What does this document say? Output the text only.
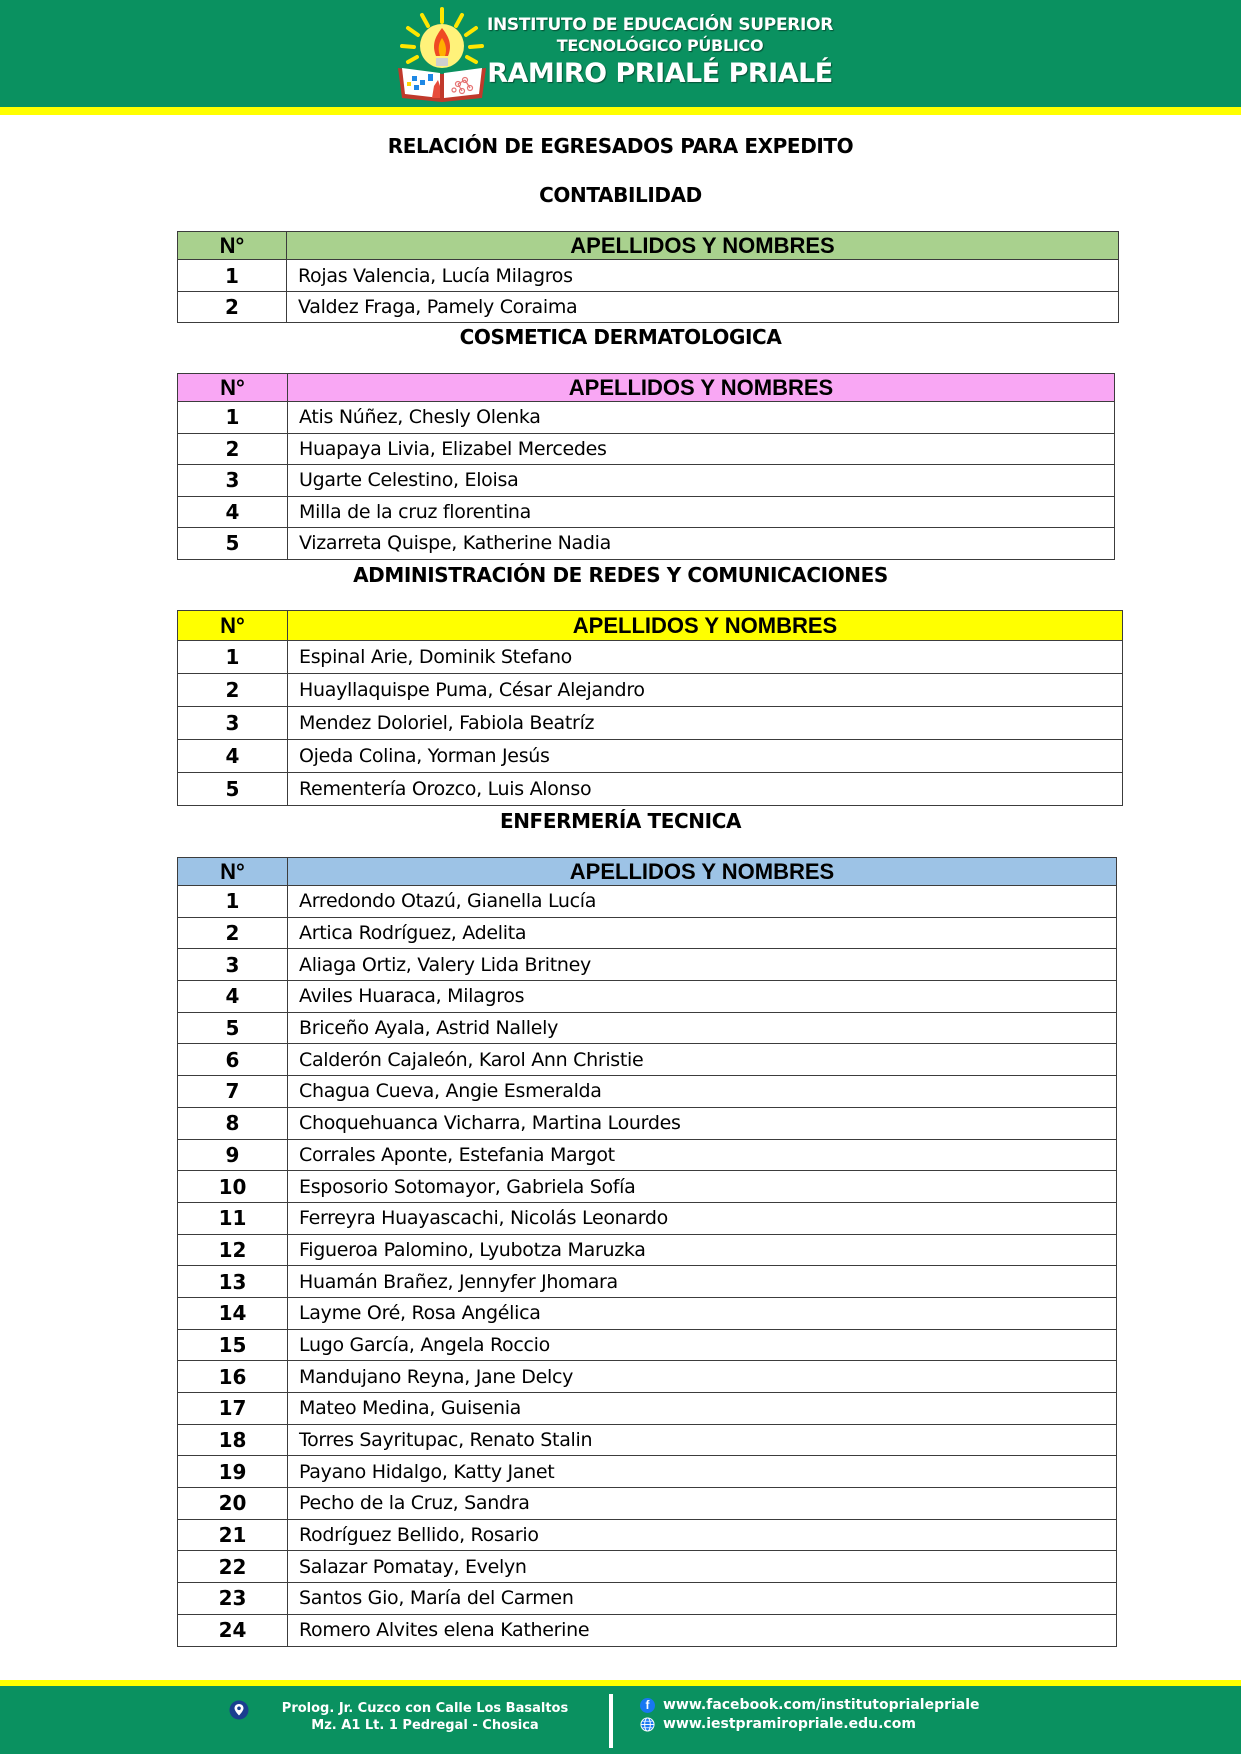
INSTITUTO DE EDUCACIÓN SUPERIOR
TECNOLÓGICO PÚBLICO
RAMIRO PRIALÉ PRIALÉ
RELACIÓN DE EGRESADOS PARA EXPEDITO
CONTABILIDAD
N°	APELLIDOS Y NOMBRES
1	Rojas Valencia, Lucía Milagros
2	Valdez Fraga, Pamely Coraima
COSMETICA DERMATOLOGICA
N°	APELLIDOS Y NOMBRES
1	Atis Núñez, Chesly Olenka
2	Huapaya Livia, Elizabel Mercedes
3	Ugarte Celestino, Eloisa
4	Milla de la cruz florentina
5	Vizarreta Quispe, Katherine Nadia
ADMINISTRACIÓN DE REDES Y COMUNICACIONES
N°	APELLIDOS Y NOMBRES
1	Espinal Arie, Dominik Stefano
2	Huayllaquispe Puma, César Alejandro
3	Mendez Doloriel, Fabiola Beatríz
4	Ojeda Colina, Yorman Jesús
5	Rementería Orozco, Luis Alonso
ENFERMERÍA TECNICA
N°	APELLIDOS Y NOMBRES
1	Arredondo Otazú, Gianella Lucía
2	Artica Rodríguez, Adelita
3	Aliaga Ortiz, Valery Lida Britney
4	Aviles Huaraca, Milagros
5	Briceño Ayala, Astrid Nallely
6	Calderón Cajaleón, Karol Ann Christie
7	Chagua Cueva, Angie Esmeralda
8	Choquehuanca Vicharra, Martina Lourdes
9	Corrales Aponte, Estefania Margot
10	Esposorio Sotomayor, Gabriela Sofía
11	Ferreyra Huayascachi, Nicolás Leonardo
12	Figueroa Palomino, Lyubotza Maruzka
13	Huamán Brañez, Jennyfer Jhomara
14	Layme Oré, Rosa Angélica
15	Lugo García, Angela Roccio
16	Mandujano Reyna, Jane Delcy
17	Mateo Medina, Guisenia
18	Torres Sayritupac, Renato Stalin
19	Payano Hidalgo, Katty Janet
20	Pecho de la Cruz, Sandra
21	Rodríguez Bellido, Rosario
22	Salazar Pomatay, Evelyn
23	Santos Gio, María del Carmen
24	Romero Alvites elena Katherine
Prolog. Jr. Cuzco con Calle Los Basaltos
Mz. A1 Lt. 1 Pedregal - Chosica
f www.facebook.com/institutoprialepriale
www.iestpramiropriale.edu.com
